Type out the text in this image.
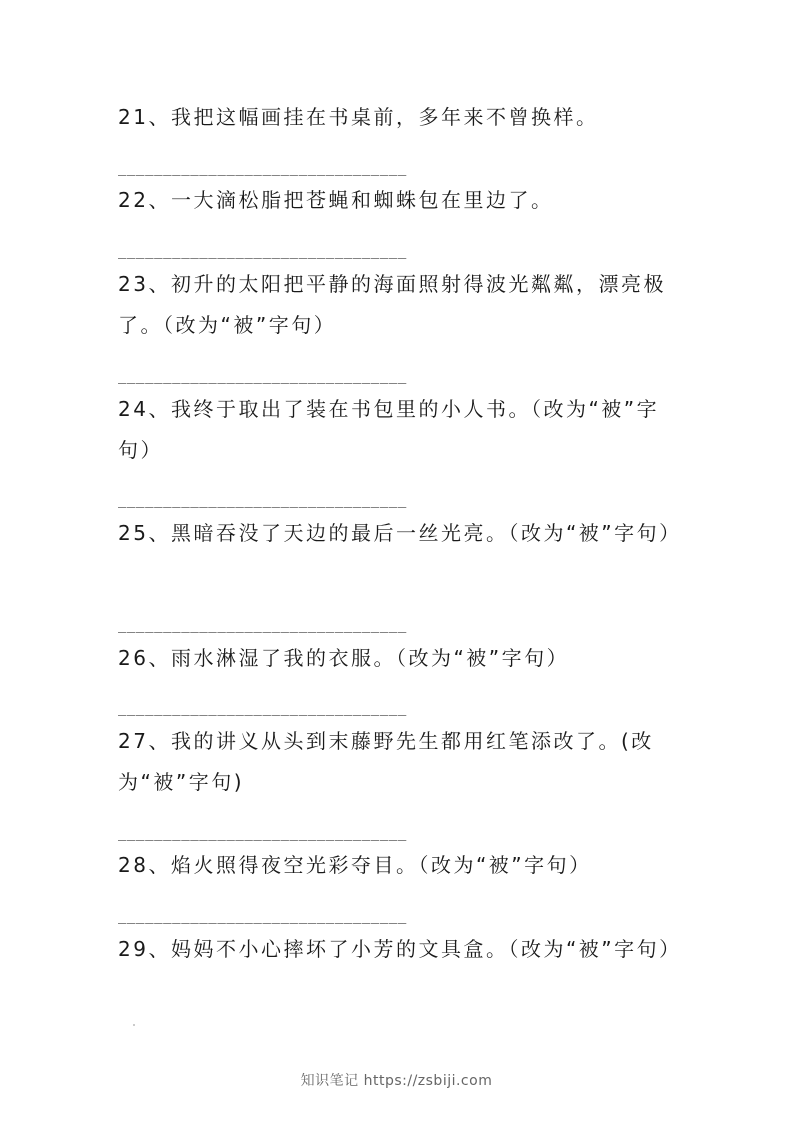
21、我把这幅画挂在书桌前，多年来不曾换样。
________________________________
22、一大滴松脂把苍蝇和蜘蛛包在里边了。
________________________________
23、初升的太阳把平静的海面照射得波光粼粼，漂亮极了。（改为“被”字句）
________________________________
24、我终于取出了装在书包里的小人书。（改为“被”字句）
________________________________
25、黑暗吞没了天边的最后一丝光亮。（改为“被”字句）
________________________________
26、雨水淋湿了我的衣服。（改为“被”字句）
________________________________
27、我的讲义从头到末藤野先生都用红笔添改了。(改为“被”字句)
________________________________
28、焰火照得夜空光彩夺目。（改为“被”字句）
________________________________
29、妈妈不小心摔坏了小芳的文具盒。（改为“被”字句）
知识笔记 https://zsbiji.com
